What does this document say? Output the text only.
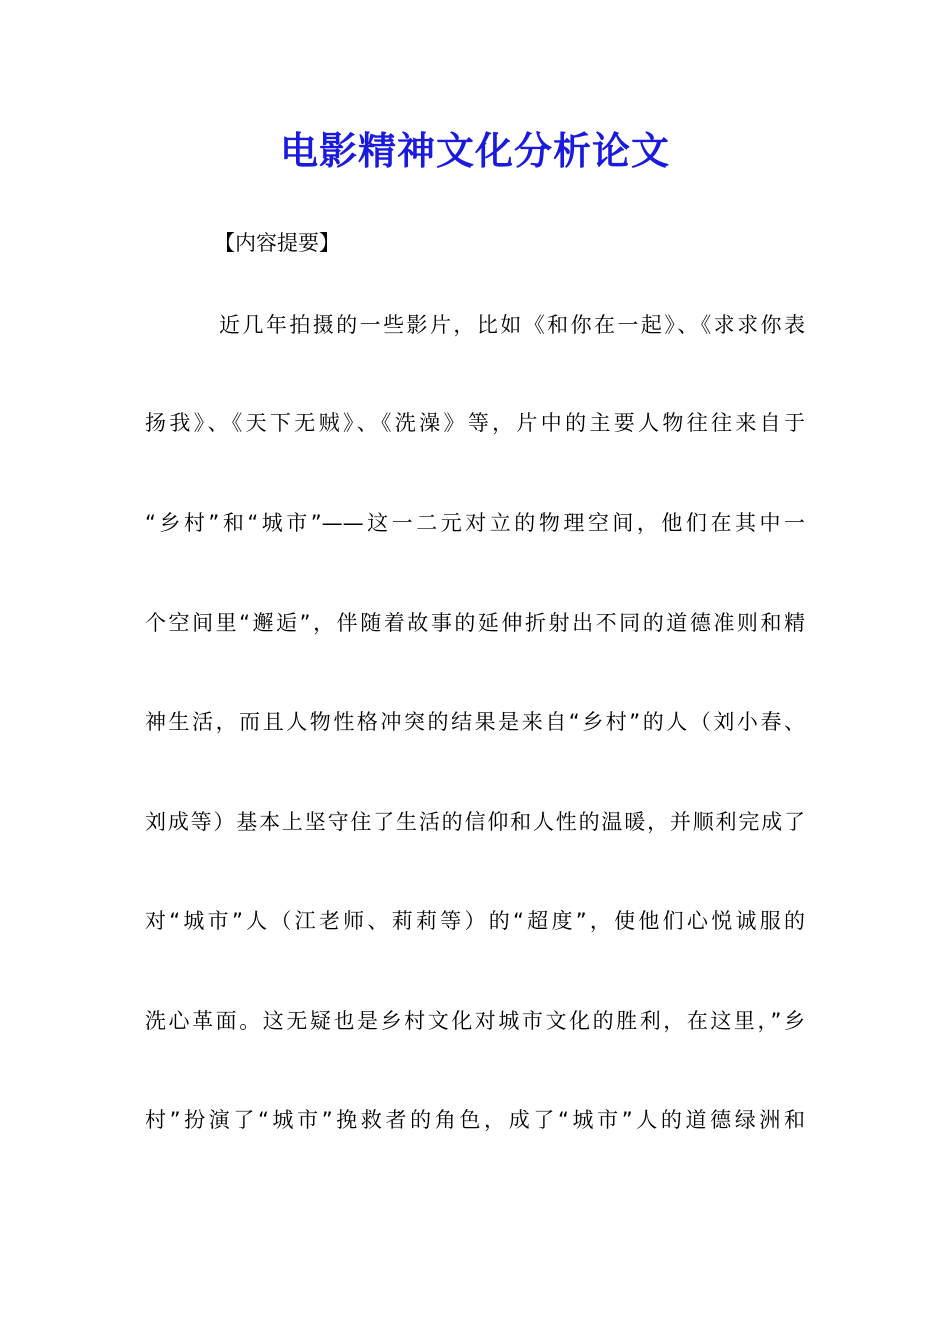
电影精神文化分析论文

【内容提要】

近几年拍摄的一些影片，比如《和你在一起》、《求求你表
扬我》、《天下无贼》、《洗澡》等，片中的主要人物往往来自于
“乡村”和“城市”——这一二元对立的物理空间，他们在其中一
个空间里“邂逅”，伴随着故事的延伸折射出不同的道德准则和精
神生活，而且人物性格冲突的结果是来自“乡村”的人（刘小春、
刘成等）基本上坚守住了生活的信仰和人性的温暖，并顺利完成了
对“城市”人（江老师、莉莉等）的“超度”，使他们心悦诚服的
洗心革面。这无疑也是乡村文化对城市文化的胜利，在这里，”乡
村”扮演了“城市”挽救者的角色，成了“城市”人的道德绿洲和
